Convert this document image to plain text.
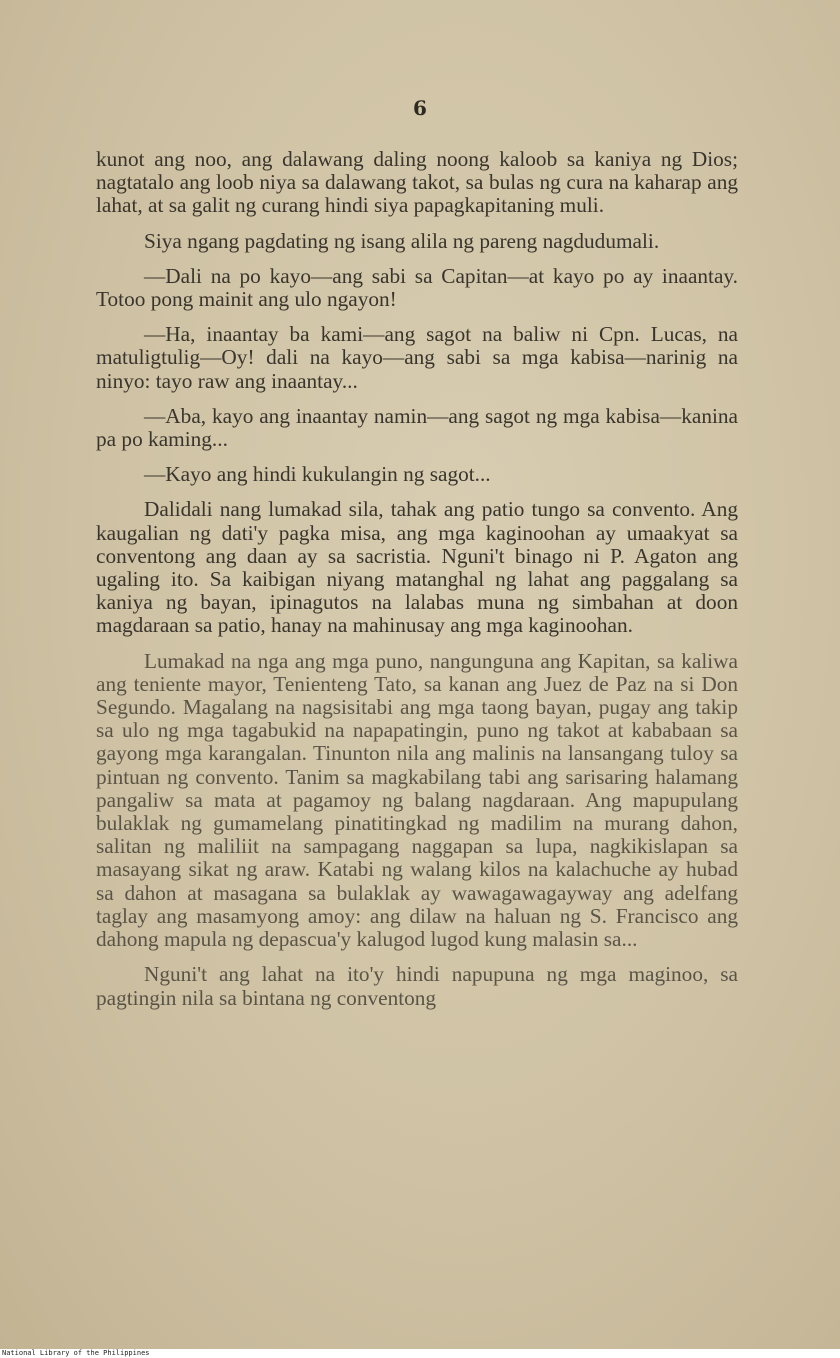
6

kunot ang noo, ang dalawang daling noong kaloob sa kaniya ng Dios; nagtatalo ang loob niya sa dalawang takot, sa bulas ng cura na kaharap ang lahat, at sa galit ng curang hindi siya papagkapitaning muli.

Siya ngang pagdating ng isang alila ng pareng nagdudumali.

—Dali na po kayo—ang sabi sa Capitan—at kayo po ay inaantay. Totoo pong mainit ang ulo ngayon!

—Ha, inaantay ba kami—ang sagot na baliw ni Cpn. Lucas, na matuligtulig—Oy! dali na kayo—ang sabi sa mga kabisa—narinig na ninyo: tayo raw ang inaantay...

—Aba, kayo ang inaantay namin—ang sagot ng mga kabisa—kanina pa po kaming...

—Kayo ang hindi kukulangin ng sagot...

Dalidali nang lumakad sila, tahak ang patio tungo sa convento. Ang kaugalian ng dati'y pagka misa, ang mga kaginoohan ay umaakyat sa conventong ang daan ay sa sacristia. Nguni't binago ni P. Agaton ang ugaling ito. Sa kaibigan niyang matanghal ng lahat ang paggalang sa kaniya ng bayan, ipinagutos na lalabas muna ng simbahan at doon magdaraan sa patio, hanay na mahinusay ang mga kaginoohan.

Lumakad na nga ang mga puno, nangunguna ang Kapitan, sa kaliwa ang teniente mayor, Tenienteng Tato, sa kanan ang Juez de Paz na si Don Segundo. Magalang na nagsisitabi ang mga taong bayan, pugay ang takip sa ulo ng mga tagabukid na napapatingin, puno ng takot at kababaan sa gayong mga karangalan. Tinunton nila ang malinis na lansangang tuloy sa pintuan ng convento. Tanim sa magkabilang tabi ang sarisaring halamang pangaliw sa mata at pagamoy ng balang nagdaraan. Ang mapupulang bulaklak ng gumamelang pinatitingkad ng madilim na murang dahon, salitan ng maliliit na sampagang naggapan sa lupa, nagkikislapan sa masayang sikat ng araw. Katabi ng walang kilos na kalachuche ay hubad sa dahon at masagana sa bulaklak ay wawagawagayway ang adelfang taglay ang masamyong amoy: ang dilaw na haluan ng S. Francisco ang dahong mapula ng depascua'y kalugod lugod kung malasin sa...

Nguni't ang lahat na ito'y hindi napupuna ng mga maginoo, sa pagtingin nila sa bintana ng conventong

National Library of the Philippines
